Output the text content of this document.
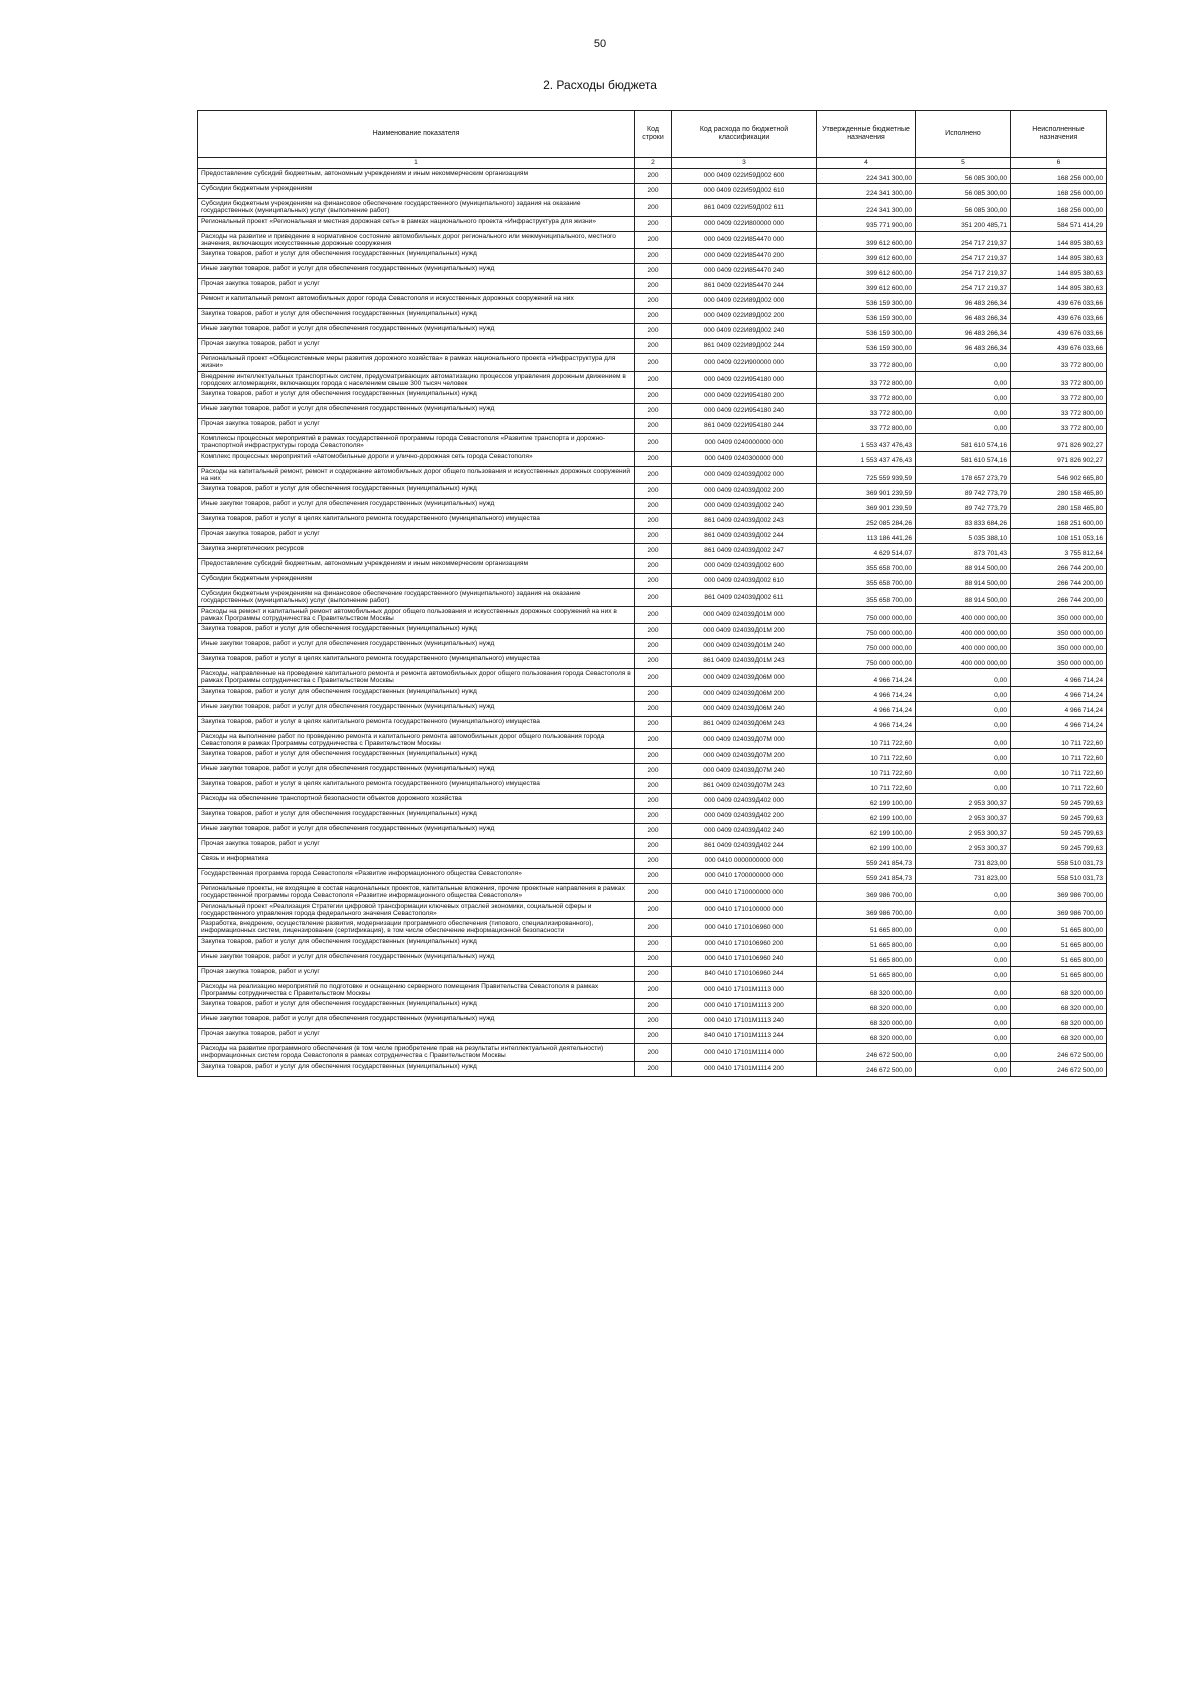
50
2. Расходы бюджета
Наименование показателя	Код строки	Код расхода по бюджетной классификации	Утвержденные бюджетные назначения	Исполнено	Неисполненные назначения
1	2	3	4	5	6
Предоставление субсидий бюджетным, автономным учреждениям и иным некоммерческим организациям	200	000 0409 022И59Д002 600	224 341 300,00	56 085 300,00	168 256 000,00
Субсидии бюджетным учреждениям	200	000 0409 022И59Д002 610	224 341 300,00	56 085 300,00	168 256 000,00
Субсидии бюджетным учреждениям на финансовое обеспечение государственного (муниципального) задания на оказание государственных (муниципальных) услуг (выполнение работ)	200	861 0409 022И59Д002 611	224 341 300,00	56 085 300,00	168 256 000,00
Региональный проект «Региональная и местная дорожная сеть» в рамках национального проекта «Инфраструктура для жизни»	200	000 0409 022И800000 000	935 771 900,00	351 200 485,71	584 571 414,29
Расходы на развитие и приведение в нормативное состояние автомобильных дорог регионального или межмуниципального, местного значения, включающих искусственные дорожные сооружения	200	000 0409 022И854470 000	399 612 600,00	254 717 219,37	144 895 380,63
Закупка товаров, работ и услуг для обеспечения государственных (муниципальных) нужд	200	000 0409 022И854470 200	399 612 600,00	254 717 219,37	144 895 380,63
Иные закупки товаров, работ и услуг для обеспечения государственных (муниципальных) нужд	200	000 0409 022И854470 240	399 612 600,00	254 717 219,37	144 895 380,63
Прочая закупка товаров, работ и услуг	200	861 0409 022И854470 244	399 612 600,00	254 717 219,37	144 895 380,63
Ремонт и капитальный ремонт автомобильных дорог города Севастополя и искусственных дорожных сооружений на них	200	000 0409 022И89Д002 000	536 159 300,00	96 483 266,34	439 676 033,66
Закупка товаров, работ и услуг для обеспечения государственных (муниципальных) нужд	200	000 0409 022И89Д002 200	536 159 300,00	96 483 266,34	439 676 033,66
Иные закупки товаров, работ и услуг для обеспечения государственных (муниципальных) нужд	200	000 0409 022И89Д002 240	536 159 300,00	96 483 266,34	439 676 033,66
Прочая закупка товаров, работ и услуг	200	861 0409 022И89Д002 244	536 159 300,00	96 483 266,34	439 676 033,66
Региональный проект «Общесистемные меры развития дорожного хозяйства» в рамках национального проекта «Инфраструктура для жизни»	200	000 0409 022И900000 000	33 772 800,00	0,00	33 772 800,00
Внедрение интеллектуальных транспортных систем, предусматривающих автоматизацию процессов управления дорожным движением в городских агломерациях, включающих города с населением свыше 300 тысяч человек	200	000 0409 022И954180 000	33 772 800,00	0,00	33 772 800,00
Закупка товаров, работ и услуг для обеспечения государственных (муниципальных) нужд	200	000 0409 022И954180 200	33 772 800,00	0,00	33 772 800,00
Иные закупки товаров, работ и услуг для обеспечения государственных (муниципальных) нужд	200	000 0409 022И954180 240	33 772 800,00	0,00	33 772 800,00
Прочая закупка товаров, работ и услуг	200	861 0409 022И954180 244	33 772 800,00	0,00	33 772 800,00
Комплексы процессных мероприятий в рамках государственной программы города Севастополя «Развитие транспорта и дорожно-транспортной инфраструктуры города Севастополя»	200	000 0409 0240000000 000	1 553 437 476,43	581 610 574,16	971 826 902,27
Комплекс процессных мероприятий «Автомобильные дороги и улично-дорожная сеть города Севастополя»	200	000 0409 0240300000 000	1 553 437 476,43	581 610 574,16	971 826 902,27
Расходы на капитальный ремонт, ремонт и содержание автомобильных дорог общего пользования и искусственных дорожных сооружений на них	200	000 0409 024039Д002 000	725 559 939,59	178 657 273,79	546 902 665,80
Закупка товаров, работ и услуг для обеспечения государственных (муниципальных) нужд	200	000 0409 024039Д002 200	369 901 239,59	89 742 773,79	280 158 465,80
Иные закупки товаров, работ и услуг для обеспечения государственных (муниципальных) нужд	200	000 0409 024039Д002 240	369 901 239,59	89 742 773,79	280 158 465,80
Закупка товаров, работ и услуг в целях капитального ремонта государственного (муниципального) имущества	200	861 0409 024039Д002 243	252 085 284,26	83 833 684,26	168 251 600,00
Прочая закупка товаров, работ и услуг	200	861 0409 024039Д002 244	113 186 441,26	5 035 388,10	108 151 053,16
Закупка энергетических ресурсов	200	861 0409 024039Д002 247	4 629 514,07	873 701,43	3 755 812,64
Предоставление субсидий бюджетным, автономным учреждениям и иным некоммерческим организациям	200	000 0409 024039Д002 600	355 658 700,00	88 914 500,00	266 744 200,00
Субсидии бюджетным учреждениям	200	000 0409 024039Д002 610	355 658 700,00	88 914 500,00	266 744 200,00
Субсидии бюджетным учреждениям на финансовое обеспечение государственного (муниципального) задания на оказание государственных (муниципальных) услуг (выполнение работ)	200	861 0409 024039Д002 611	355 658 700,00	88 914 500,00	266 744 200,00
Расходы на ремонт и капитальный ремонт автомобильных дорог общего пользования и искусственных дорожных сооружений на них в рамках Программы сотрудничества с Правительством Москвы	200	000 0409 024039Д01М 000	750 000 000,00	400 000 000,00	350 000 000,00
Закупка товаров, работ и услуг для обеспечения государственных (муниципальных) нужд	200	000 0409 024039Д01М 200	750 000 000,00	400 000 000,00	350 000 000,00
Иные закупки товаров, работ и услуг для обеспечения государственных (муниципальных) нужд	200	000 0409 024039Д01М 240	750 000 000,00	400 000 000,00	350 000 000,00
Закупка товаров, работ и услуг в целях капитального ремонта государственного (муниципального) имущества	200	861 0409 024039Д01М 243	750 000 000,00	400 000 000,00	350 000 000,00
Расходы, направленные на проведение капитального ремонта и ремонта автомобильных дорог общего пользования города Севастополя в рамках Программы сотрудничества с Правительством Москвы	200	000 0409 024039Д06М 000	4 966 714,24	0,00	4 966 714,24
Закупка товаров, работ и услуг для обеспечения государственных (муниципальных) нужд	200	000 0409 024039Д06М 200	4 966 714,24	0,00	4 966 714,24
Иные закупки товаров, работ и услуг для обеспечения государственных (муниципальных) нужд	200	000 0409 024039Д06М 240	4 966 714,24	0,00	4 966 714,24
Закупка товаров, работ и услуг в целях капитального ремонта государственного (муниципального) имущества	200	861 0409 024039Д06М 243	4 966 714,24	0,00	4 966 714,24
Расходы на выполнение работ по проведению ремонта и капитального ремонта автомобильных дорог общего пользования города Севастополя в рамках Программы сотрудничества с Правительством Москвы	200	000 0409 024039Д07М 000	10 711 722,60	0,00	10 711 722,60
Закупка товаров, работ и услуг для обеспечения государственных (муниципальных) нужд	200	000 0409 024039Д07М 200	10 711 722,60	0,00	10 711 722,60
Иные закупки товаров, работ и услуг для обеспечения государственных (муниципальных) нужд	200	000 0409 024039Д07М 240	10 711 722,60	0,00	10 711 722,60
Закупка товаров, работ и услуг в целях капитального ремонта государственного (муниципального) имущества	200	861 0409 024039Д07М 243	10 711 722,60	0,00	10 711 722,60
Расходы на обеспечение транспортной безопасности объектов дорожного хозяйства	200	000 0409 024039Д402 000	62 199 100,00	2 953 300,37	59 245 799,63
Закупка товаров, работ и услуг для обеспечения государственных (муниципальных) нужд	200	000 0409 024039Д402 200	62 199 100,00	2 953 300,37	59 245 799,63
Иные закупки товаров, работ и услуг для обеспечения государственных (муниципальных) нужд	200	000 0409 024039Д402 240	62 199 100,00	2 953 300,37	59 245 799,63
Прочая закупка товаров, работ и услуг	200	861 0409 024039Д402 244	62 199 100,00	2 953 300,37	59 245 799,63
Связь и информатика	200	000 0410 0000000000 000	559 241 854,73	731 823,00	558 510 031,73
Государственная программа города Севастополя «Развитие информационного общества Севастополя»	200	000 0410 1700000000 000	559 241 854,73	731 823,00	558 510 031,73
Региональные проекты, не входящие в состав национальных проектов, капитальные вложения, прочие проектные направления в рамках государственной программы города Севастополя «Развитие информационного общества Севастополя»	200	000 0410 1710000000 000	369 986 700,00	0,00	369 986 700,00
Региональный проект «Реализация Стратегии цифровой трансформации ключевых отраслей экономики, социальной сферы и государственного управления города федерального значения Севастополя»	200	000 0410 1710100000 000	369 986 700,00	0,00	369 986 700,00
Разработка, внедрение, осуществление развития, модернизации программного обеспечения (типового, специализированного), информационных систем, лицензирование (сертификация), в том числе обеспечение информационной безопасности	200	000 0410 1710106960 000	51 665 800,00	0,00	51 665 800,00
Закупка товаров, работ и услуг для обеспечения государственных (муниципальных) нужд	200	000 0410 1710106960 200	51 665 800,00	0,00	51 665 800,00
Иные закупки товаров, работ и услуг для обеспечения государственных (муниципальных) нужд	200	000 0410 1710106960 240	51 665 800,00	0,00	51 665 800,00
Прочая закупка товаров, работ и услуг	200	840 0410 1710106960 244	51 665 800,00	0,00	51 665 800,00
Расходы на реализацию мероприятий по подготовке и оснащению серверного помещения Правительства Севастополя в рамках Программы сотрудничества с Правительством Москвы	200	000 0410 17101М1113 000	68 320 000,00	0,00	68 320 000,00
Закупка товаров, работ и услуг для обеспечения государственных (муниципальных) нужд	200	000 0410 17101М1113 200	68 320 000,00	0,00	68 320 000,00
Иные закупки товаров, работ и услуг для обеспечения государственных (муниципальных) нужд	200	000 0410 17101М1113 240	68 320 000,00	0,00	68 320 000,00
Прочая закупка товаров, работ и услуг	200	840 0410 17101М1113 244	68 320 000,00	0,00	68 320 000,00
Расходы на развитие программного обеспечения (в том числе приобретение прав на результаты интеллектуальной деятельности) информационных систем города Севастополя в рамках сотрудничества с Правительством Москвы	200	000 0410 17101М1114 000	246 672 500,00	0,00	246 672 500,00
Закупка товаров, работ и услуг для обеспечения государственных (муниципальных) нужд	200	000 0410 17101М1114 200	246 672 500,00	0,00	246 672 500,00
